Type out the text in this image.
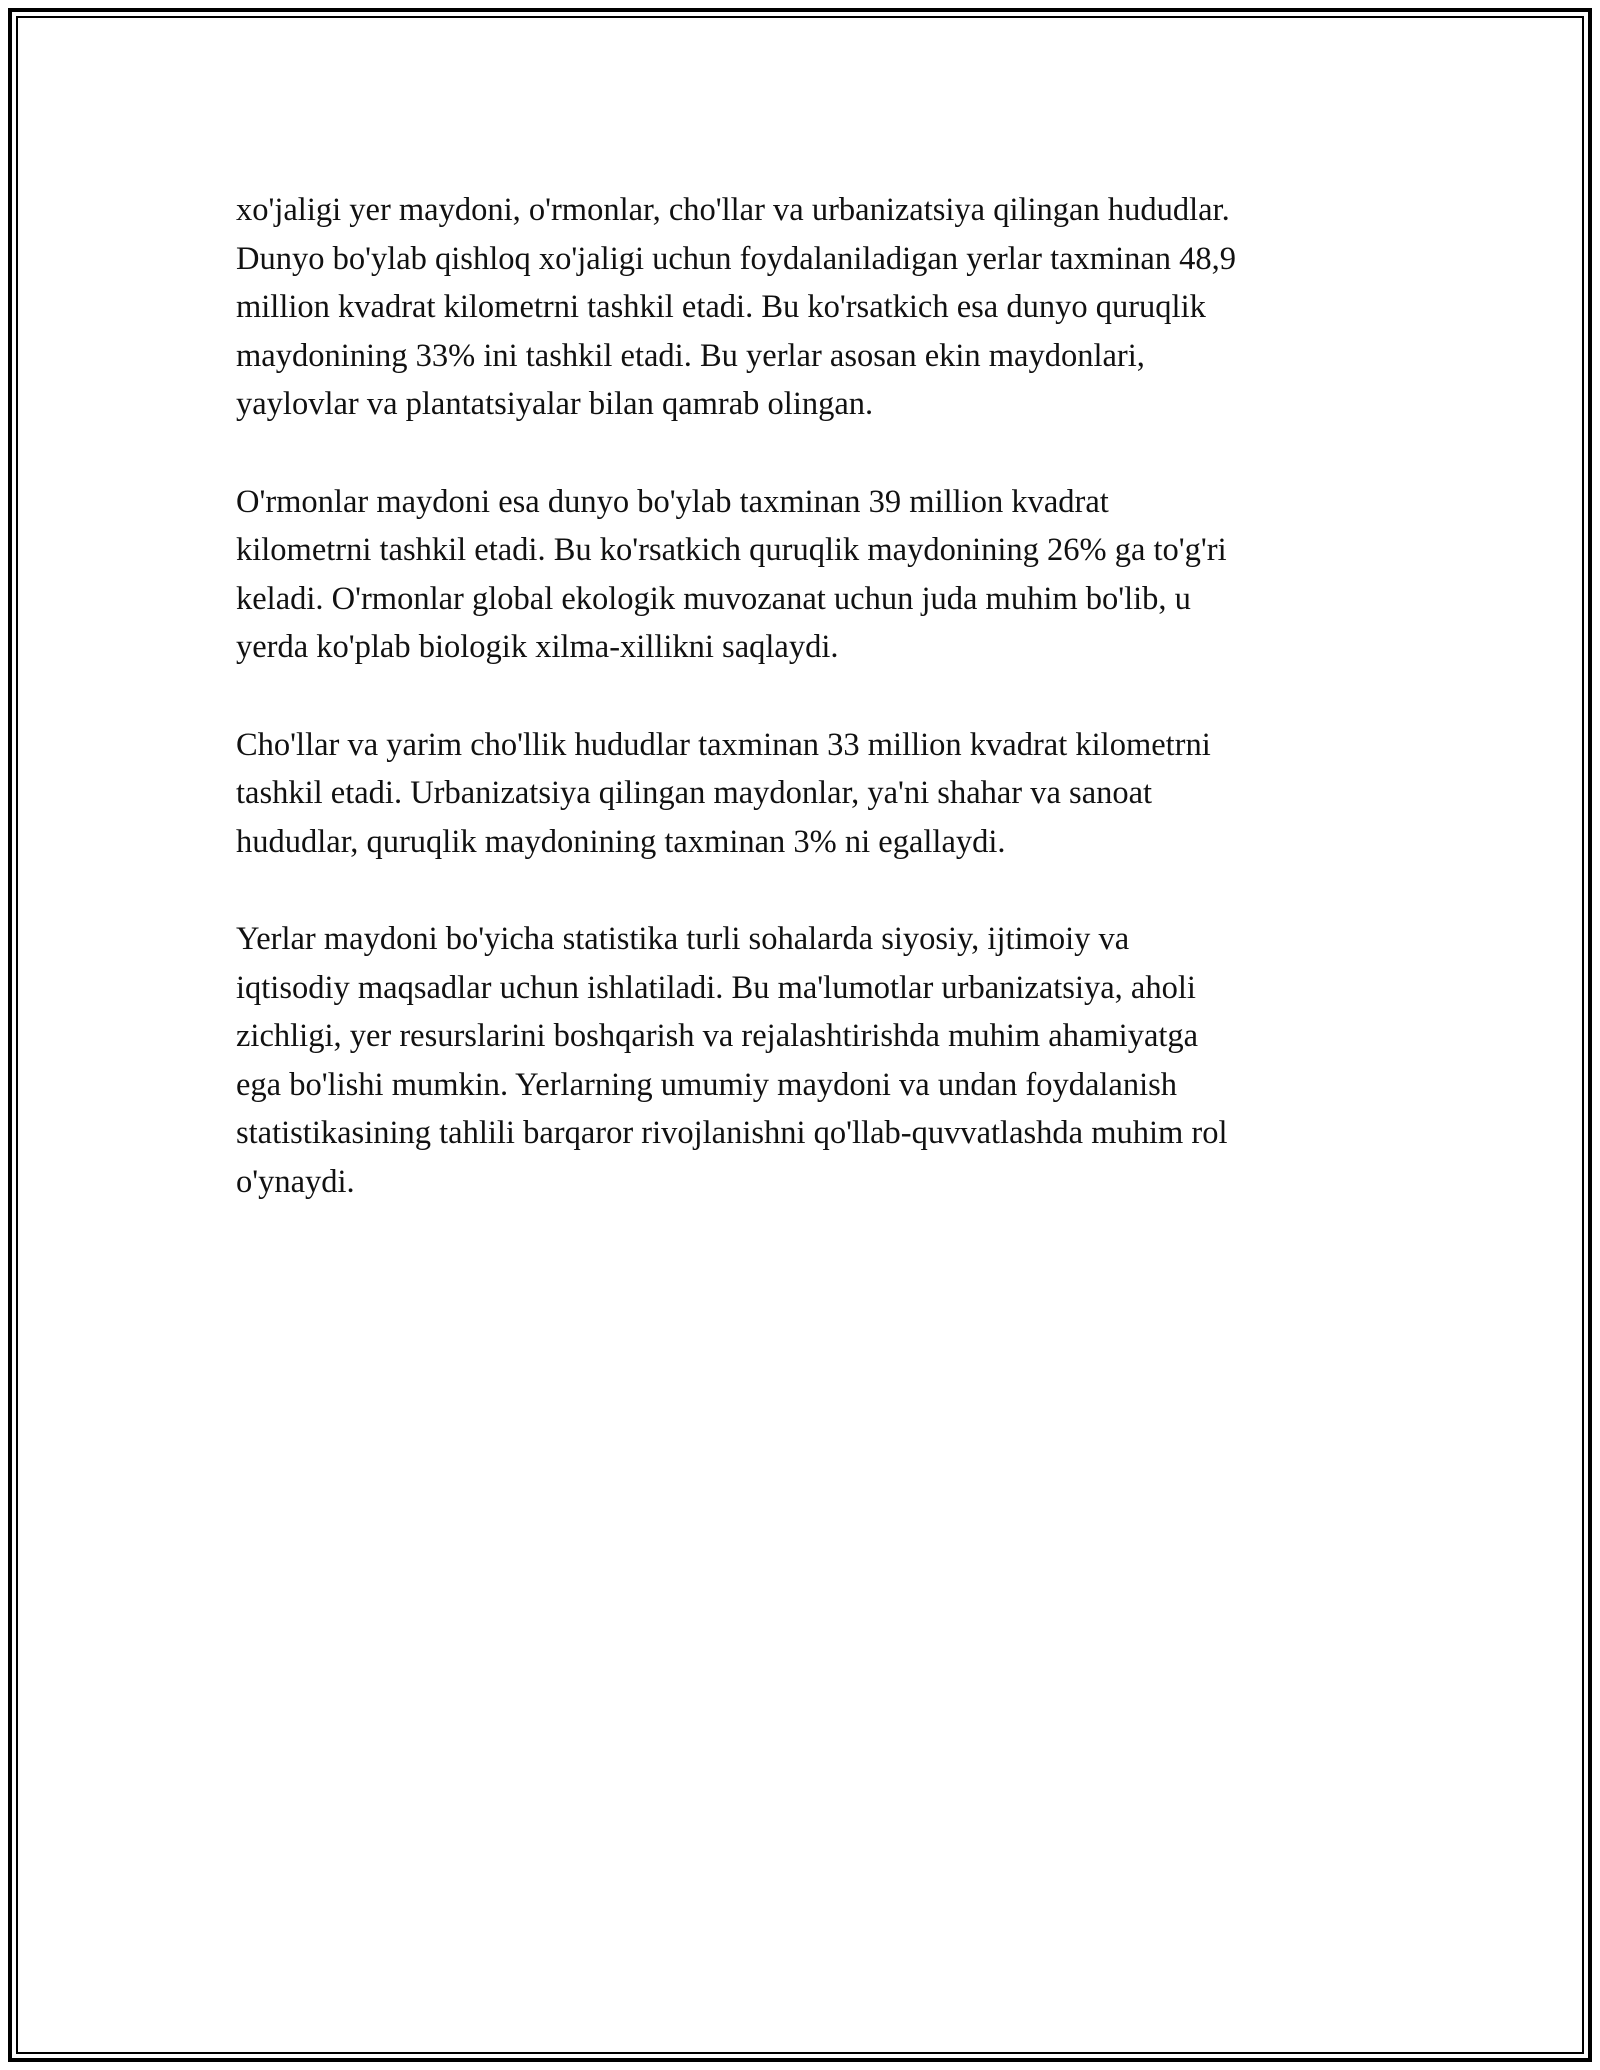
xo'jaligi yer maydoni, o'rmonlar, cho'llar va urbanizatsiya qilingan hududlar.
Dunyo bo'ylab qishloq xo'jaligi uchun foydalaniladigan yerlar taxminan 48,9
million kvadrat kilometrni tashkil etadi. Bu ko'rsatkich esa dunyo quruqlik
maydonining 33% ini tashkil etadi. Bu yerlar asosan ekin maydonlari,
yaylovlar va plantatsiyalar bilan qamrab olingan.

O'rmonlar maydoni esa dunyo bo'ylab taxminan 39 million kvadrat
kilometrni tashkil etadi. Bu ko'rsatkich quruqlik maydonining 26% ga to'g'ri
keladi. O'rmonlar global ekologik muvozanat uchun juda muhim bo'lib, u
yerda ko'plab biologik xilma-xillikni saqlaydi.

Cho'llar va yarim cho'llik hududlar taxminan 33 million kvadrat kilometrni
tashkil etadi. Urbanizatsiya qilingan maydonlar, ya'ni shahar va sanoat
hududlar, quruqlik maydonining taxminan 3% ni egallaydi.

Yerlar maydoni bo'yicha statistika turli sohalarda siyosiy, ijtimoiy va
iqtisodiy maqsadlar uchun ishlatiladi. Bu ma'lumotlar urbanizatsiya, aholi
zichligi, yer resurslarini boshqarish va rejalashtirishda muhim ahamiyatga
ega bo'lishi mumkin. Yerlarning umumiy maydoni va undan foydalanish
statistikasining tahlili barqaror rivojlanishni qo'llab-quvvatlashda muhim rol
o'ynaydi.
